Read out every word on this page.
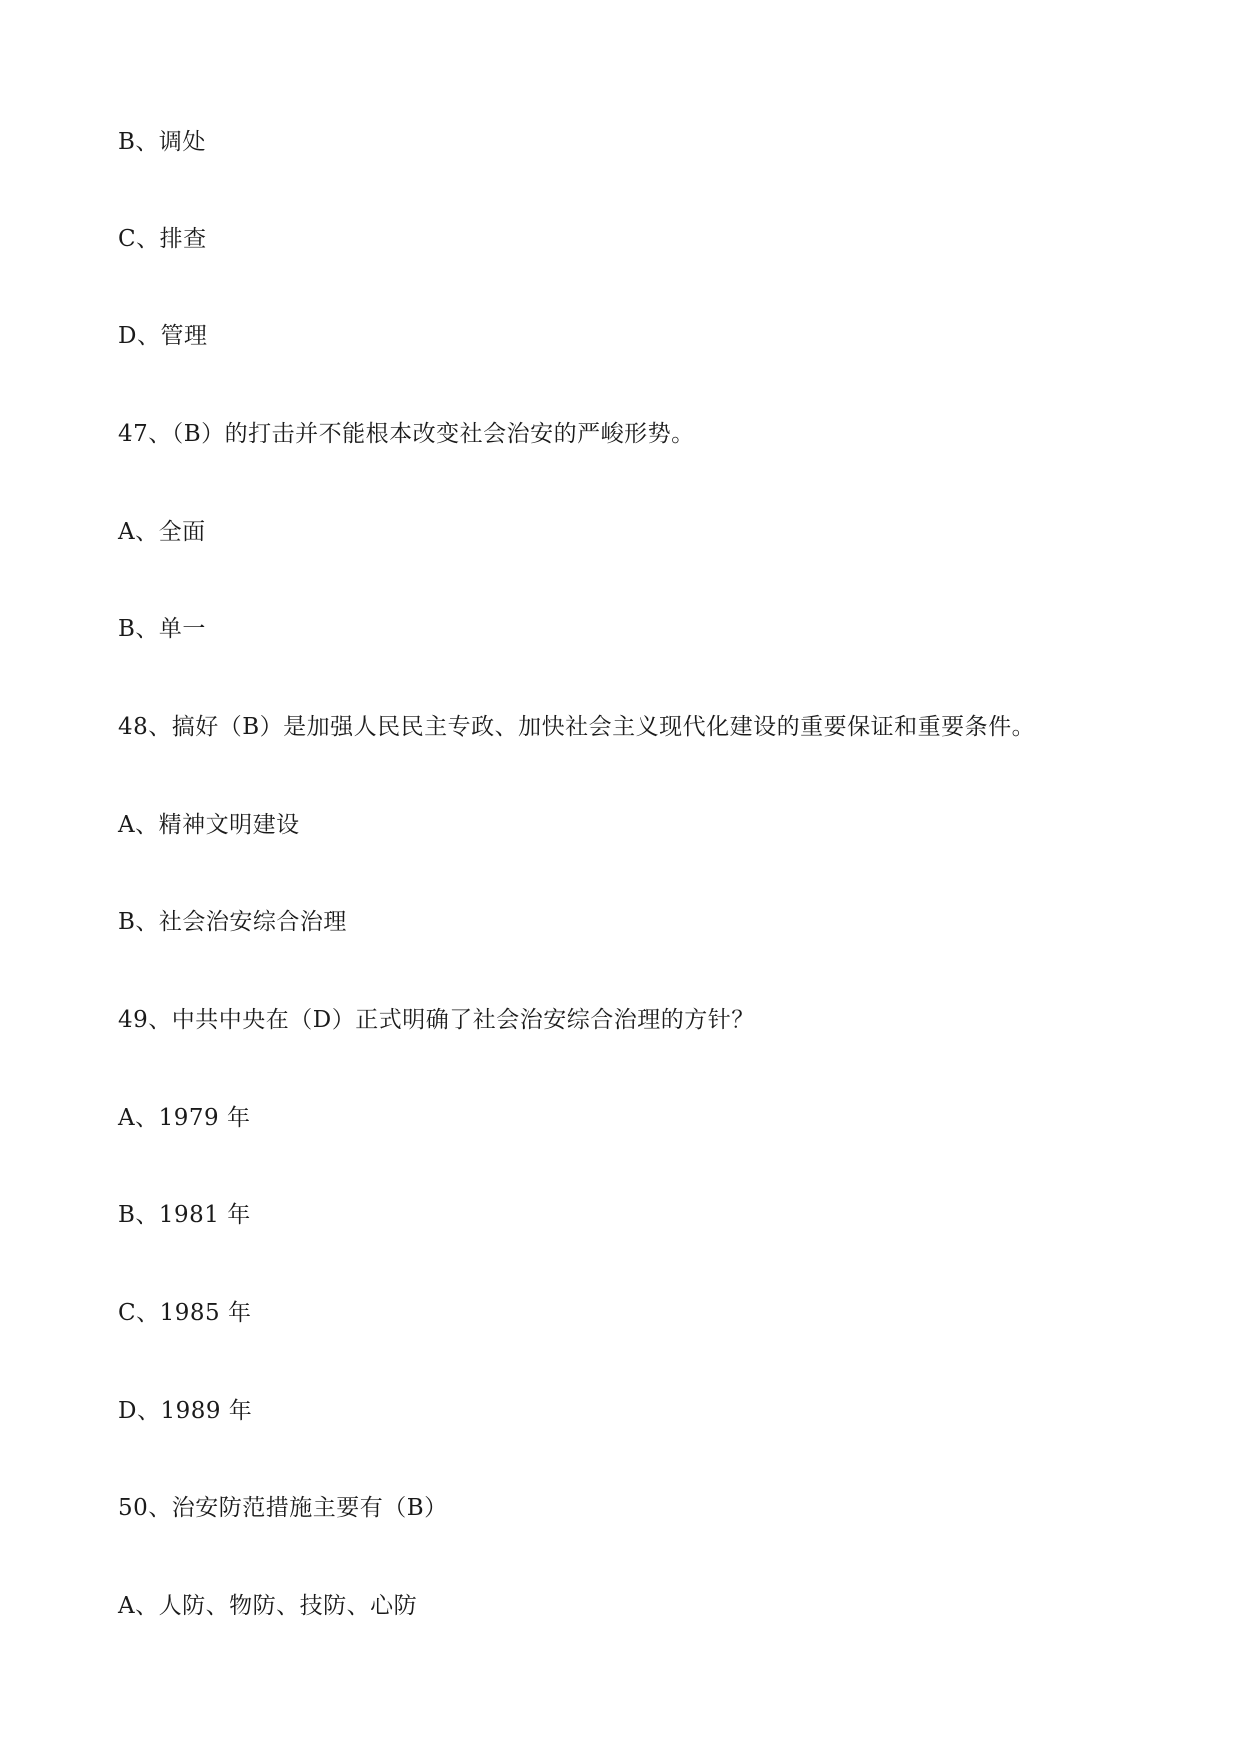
B、调处

C、排查

D、管理

47、（B）的打击并不能根本改变社会治安的严峻形势。

A、全面

B、单一

48、搞好（B）是加强人民民主专政、加快社会主义现代化建设的重要保证和重要条件。

A、精神文明建设

B、社会治安综合治理

49、中共中央在（D）正式明确了社会治安综合治理的方针？

A、1979 年

B、1981 年

C、1985 年

D、1989 年

50、治安防范措施主要有（B）

A、人防、物防、技防、心防
